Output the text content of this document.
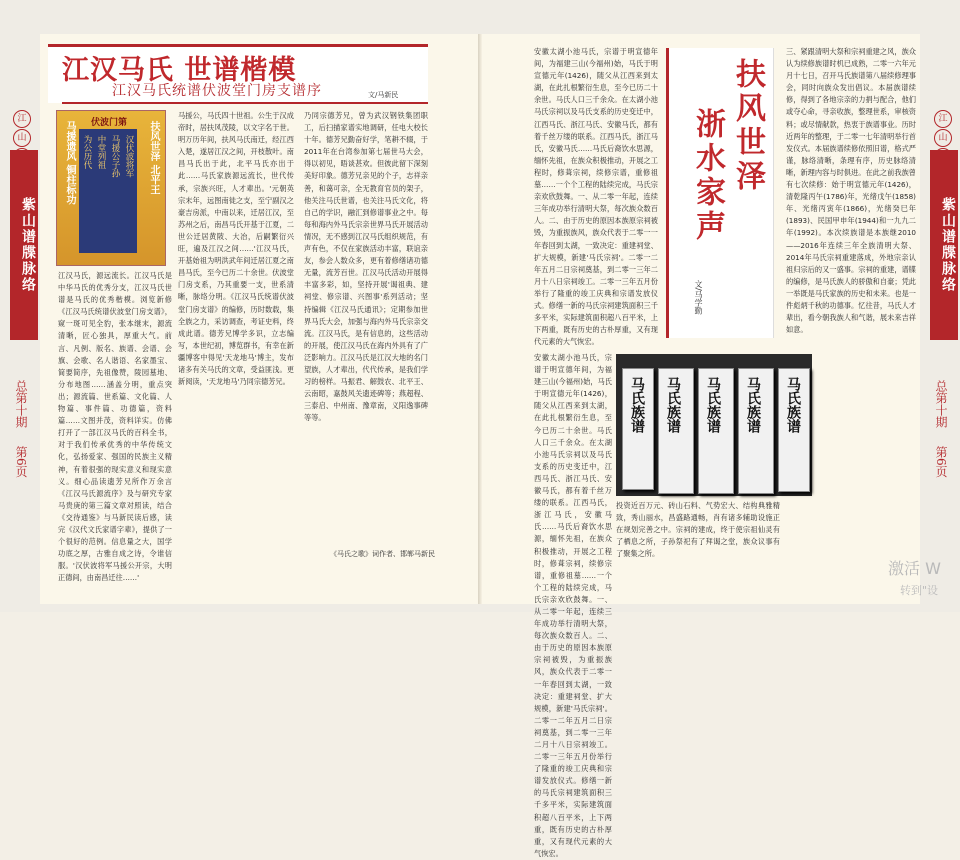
江
山
紫山谱牒脉络
总第十期
第6页
江
山
紫山谱牒脉络
总第十期
第6页
江汉马氏 世谱楷模
江汉马氏统谱伏波堂门房支谱序	文/马新民
伏波门第
马援遗风 铜柱标功	扶风世泽 北平王
汉伏波将军
马援公子孙
中堂列祖
为公历代
江汉马氏，源远流长。江汉马氏是中华马氏的优秀分支，江汉马氏世谱是马氏的优秀楷模。浏览新修《江汉马氏统谱伏波堂门房支谱》，窥一斑可见全豹，张本继末，源流清晰，匠心独具，厚重大气。前言、凡例、版名、族谱、会谱、会旗、会歌、名人谐语、名家墨宝、简要简序，先祖像赞，陵园墓地、分布地图……涵盖分明，重点突出；源流篇、世系篇、文化篇、人物篇、事件篇、功德篇，资料篇……文图并茂，资料详实。仿佛打开了一部江汉马氏的百科全书，对于我们传承优秀的中华传统文化，弘扬爱家、强国的民族主义精神，有着很强的现实意义和现实意义。细心品读遗芳兄所作万余言《江汉马氏源流序》及与研究专家马贵庚的第三篇文章对照读，结合《交待通鉴》与马新民读后感，读完《汉代文氏家谱字辈》，提供了一个很好的范例。信息量之大，国学功底之厚，古雅自成之诗，令谁信服。'汉伏波将军马援公开宗，大明正德间，由南昌迁往……'
马援公，马氏四十世祖。公生于汉成帝时，居扶风茂陵，以文字名于世。明万历年间，扶风马氏南迁，经江西入楚，遂居江汉之间，开枝散叶。南昌马氏出于此，北平马氏亦出于此……马氏家族源远流长，世代传承，宗族兴旺，人才辈出。'元朝英宗末年，远图南徙之支，至宁副汉之豪吉房派，中南以来，迁居江汉，至苏州之后，南昌马氏开基于江夏，二世公迁居黄陂、大冶，后嗣繁衍兴旺，遍及江汉之间……'江汉马氏，开基始祖为明洪武年间迁居江夏之南昌马氏，至今已历二十余世。伏波堂门房支系，乃其重要一支，世系清晰，脉络分明。《江汉马氏统谱伏波堂门房支谱》的编修，历时数载，集全族之力，采访调查，考证史料，终成此谱。德芳兄博学多识，立志编写，本世纪初，博览群书，有幸在新疆博客中得见'天龙地马'博主，发布诸多有关马氏的文章，受益匪浅。更新阅读，'天龙地马'乃同宗德芳兄。
乃同宗德芳兄，曾为武汉钢铁集团职工，后扫描家谱实地调研，任电大校长十年。德芳兄勤奋好学，笔耕不辍，于2011年在台湾参加第七届世马大会，得以初见，晤谈甚欢。但彼此留下深刻美好印象。德芳兄亲见的个子，志祥亲善，和蔼可亲，全无教育官员的架子，他关注马氏世谱，也关注马氏文化，将自己的学识，融汇到修谱事业之中。每每和海内外马氏宗亲世界马氏开展活动情况，无不感到江汉马氏组织规范，有声有色，不仅在家族活动丰富，联谊亲友，参会人数众多，更有着修缮诸功德无量，流芳百世。江汉马氏活动开展得丰富多彩，如，坚持开展'谒祖典、建祠堂、修宗谱、兴图事'系列活动；坚持编辑《江汉马氏通讯》；定期参加世界马氏大会，加强与海内外马氏宗亲交流。江汉马氏，是有信息的，这些活动的开展，使江汉马氏在海内外具有了广泛影响力。江汉马氏是江汉大地的名门望族，人才辈出，代代传承，是我们学习的榜样。马振君、解鼓农、北平王、云南昭，嘉鼓风关遗迹碑等；燕超程、三泰启、中州南、豫章南，义阳逸事碑等等。
《马氏之歌》词作者、邯郸马新民
安徽太湖小池马氏，宗谱于明宣德年间，为福建三山(今福州)始，马氏于明宣德元年(1426)，随父从江西来到太湖，在此扎根繁衍生息，至今已历二十余世。马氏人口三千余众。在太湖小池马氏宗祠以及马氏支系的历史变迁中，江西马氏、浙江马氏、安徽马氏，都有着千丝万缕的联系。江西马氏，浙江马氏，安徽马氏……马氏后裔饮水思源，缅怀先祖，在族众积极推动，开展之工程时，修葺宗祠，续修宗谱，重修祖墓……一个个工程的陆续完成，马氏宗亲欢欣鼓舞。一、从二零一年起，连续三年成功举行清明大祭，每次族众数百人。二、由于历史的原因本族原宗祠被毁，为重振族风，族众代表于二零一一年春回到太湖，一致决定：重建祠堂、扩大规模，新建'马氏宗祠'。二零一二年五月二日宗祠奠基，到二零一三年二月十八日宗祠竣工。二零一三年五月份举行了隆重的竣工庆典和宗谱发放仪式。修缮一新的马氏宗祠建筑面积三千多平米，实际建筑面积超八百平米，上下两重，既有历史的古朴厚重，又有现代元素的大气恢宏。
扶风世泽
浙水家声
文/马学勤
三、紧跟清明大祭和宗祠重建之风，族众认为续修族谱时机已成熟，二零一六年元月十七日，召开马氏族谱第八届续修理事会，同时向族众发出倡议。本届族谱续修，得到了各地宗亲的力捐与配合，他们或夺心命，寻亲收族，整理世系，审核资料；或尽情献款，热衷于族谱事业。历时近两年的整理，于二零一七年清明举行首发仪式。本届族谱续修依照旧谱，格式严谨，脉络清晰，条理有序，历史脉络清晰，新理内容与时俱进。在此之前我族曾有七次续修：始于明宣德元年(1426)，清乾隆丙午(1786)年，光绪戊午(1858)年、光绪丙寅年(1866)，光绪癸巳年(1893)、民国甲申年(1944)和一九九二年(1992)。本次续族谱是本族继2010——2016年连续三年全族清明大祭、2014年马氏宗祠重建落成，外地宗亲认祖归宗后的又一盛事。宗祠的重建，谱牒的编修，是马氏族人的骄傲和自豪；凭此一举既是马氏家族的历史和未来。也是一件彪炳千秋的功德事。忆往昔，马氏人才辈出，看今朝我族人和气谐，展未来吉祥如意。
马氏族谱 马氏族谱 马氏族谱 马氏族谱 马氏族谱
安徽太湖小池马氏，宗谱于明宣德年间，为福建三山(今福州)始，马氏于明宣德元年(1426)，随父从江西来到太湖，在此扎根繁衍生息，至今已历二十余世。马氏人口三千余众。在太湖小池马氏宗祠以及马氏支系的历史变迁中，江西马氏、浙江马氏、安徽马氏，都有着千丝万缕的联系。江西马氏，浙江马氏，安徽马氏……马氏后裔饮水思源，缅怀先祖，在族众积极推动，开展之工程时，修葺宗祠，续修宗谱，重修祖墓……一个个工程的陆续完成，马氏宗亲欢欣鼓舞。一、从二零一年起，连续三年成功举行清明大祭，每次族众数百人。二、由于历史的原因本族原宗祠被毁，为重振族风，族众代表于二零一一年春回到太湖，一致决定：重建祠堂、扩大规模，新建'马氏宗祠'。二零一二年五月二日宗祠奠基，到二零一三年二月十八日宗祠竣工。二零一三年五月份举行了隆重的竣工庆典和宗谱发放仪式。修缮一新的马氏宗祠建筑面积三千多平米，实际建筑面积超八百平米，上下两重，既有历史的古朴厚重，又有现代元素的大气恢宏。
投资近百万元、砖山石料、气势宏大、结构典雅精致，秀山丽水，昌盛路通畅，肖有诸多辅助设施正在规划完善之中。宗祠的建成，终于使宗祖仙灵有了栖息之所，子孙祭祀有了拜谒之堂，族众议事有了聚集之所。
激活 W
转到"设
